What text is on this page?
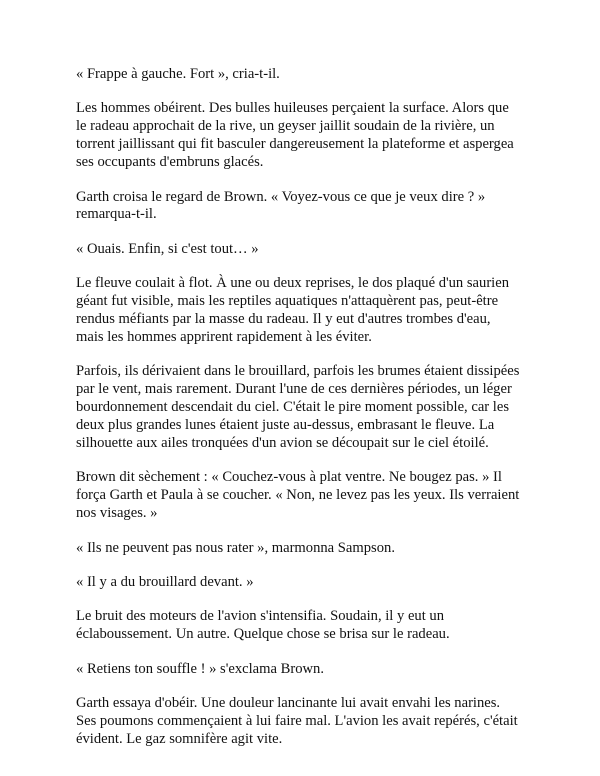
« Frappe à gauche. Fort », cria-t-il.

Les hommes obéirent. Des bulles huileuses perçaient la surface. Alors que
le radeau approchait de la rive, un geyser jaillit soudain de la rivière, un
torrent jaillissant qui fit basculer dangereusement la plateforme et aspergea
ses occupants d'embruns glacés.

Garth croisa le regard de Brown. « Voyez-vous ce que je veux dire ? »
remarqua-t-il.

« Ouais. Enfin, si c'est tout… »

Le fleuve coulait à flot. À une ou deux reprises, le dos plaqué d'un saurien
géant fut visible, mais les reptiles aquatiques n'attaquèrent pas, peut-être
rendus méfiants par la masse du radeau. Il y eut d'autres trombes d'eau,
mais les hommes apprirent rapidement à les éviter.

Parfois, ils dérivaient dans le brouillard, parfois les brumes étaient dissipées
par le vent, mais rarement. Durant l'une de ces dernières périodes, un léger
bourdonnement descendait du ciel. C'était le pire moment possible, car les
deux plus grandes lunes étaient juste au-dessus, embrasant le fleuve. La
silhouette aux ailes tronquées d'un avion se découpait sur le ciel étoilé.

Brown dit sèchement : « Couchez-vous à plat ventre. Ne bougez pas. » Il
força Garth et Paula à se coucher. « Non, ne levez pas les yeux. Ils verraient
nos visages. »

« Ils ne peuvent pas nous rater », marmonna Sampson.

« Il y a du brouillard devant. »

Le bruit des moteurs de l'avion s'intensifia. Soudain, il y eut un
éclaboussement. Un autre. Quelque chose se brisa sur le radeau.

« Retiens ton souffle ! » s'exclama Brown.

Garth essaya d'obéir. Une douleur lancinante lui avait envahi les narines.
Ses poumons commençaient à lui faire mal. L'avion les avait repérés, c'était
évident. Le gaz somnifère agit vite.
